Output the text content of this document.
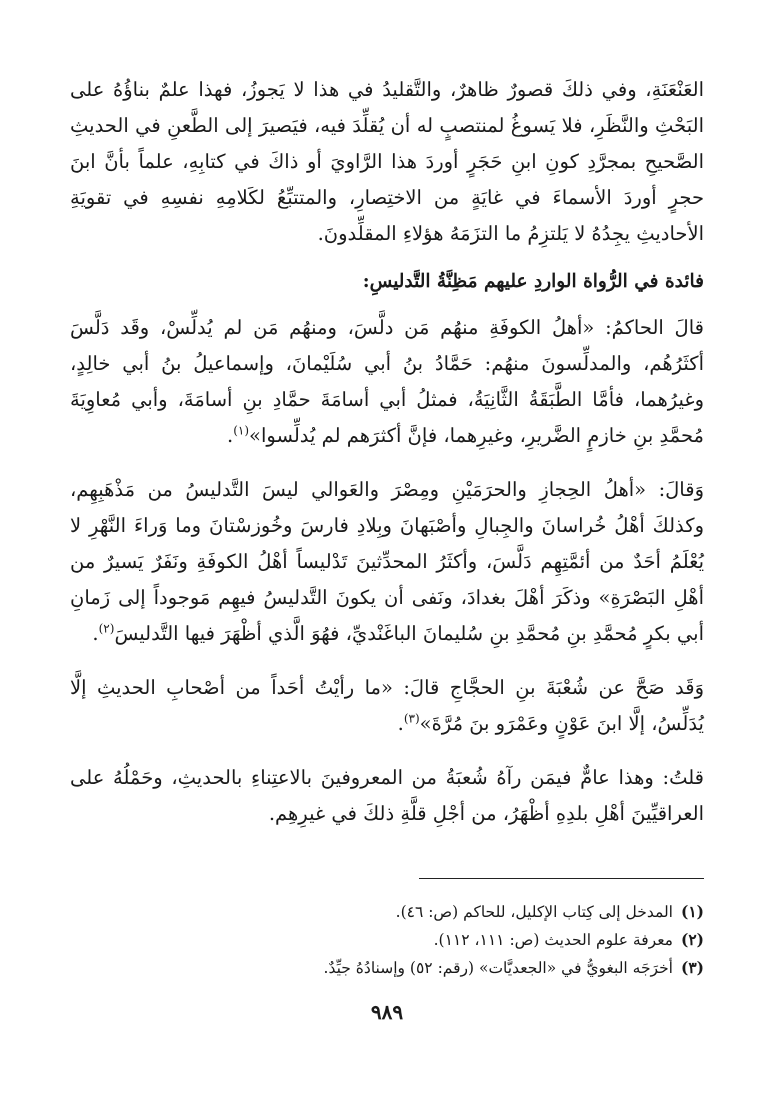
العَنْعَنَةِ، وفي ذلكَ قصورٌ ظاهرٌ، والتَّقليدُ في هذا لا يَجوزُ، فهذا علمٌ بناؤُهُ على البَحْثِ والنَّظَرِ، فلا يَسوغُ لمنتصبٍ له أن يُقلِّدَ فيه، فيَصيرَ إلى الطَّعنِ في الحديثِ الصَّحيحِ بمجرَّدِ كونِ ابنِ حَجَرٍ أوردَ هذا الرَّاويَ أو ذاكَ في كتابِهِ، علماً بأنَّ ابنَ حجرٍ أوردَ الأسماءَ في غايَةٍ من الاختِصارِ، والمتتبِّعُ لكَلامِهِ نفسِهِ في تقويَةِ الأحاديثِ يجِدُهُ لا يَلتزِمُ ما التزَمَهُ هؤلاءِ المقلِّدونَ.

فائدة في الرُّواة الواردِ عليهم مَظِنَّةُ التَّدليسِ:

قالَ الحاكمُ: «أهلُ الكوفَةِ منهُم مَن دلَّسَ، ومنهُم مَن لم يُدلِّسْ، وقَد دَلَّسَ أكثَرُهُم، والمدلِّسونَ منهُم: حَمَّادُ بنُ أبي سُلَيْمانَ، وإسماعيلُ بنُ أبي خالِدٍ، وغيرُهما، فأمَّا الطَّبَقَةُ الثَّانِيَةُ، فمثلُ أبي أسامَةَ حمَّادِ بنِ أسامَةَ، وأبي مُعاوِيَةَ مُحمَّدِ بنِ خازمٍ الضَّريرِ، وغيرِهما، فإنَّ أكثرَهم لم يُدلِّسوا»$^{(١)}$.

وَقالَ: «أهلُ الحِجازِ والحرَمَيْنِ ومِصْرَ والعَوالي ليسَ التَّدليسُ من مَذْهَبِهِم، وكذلكَ أهْلُ خُراسانَ والجِبالِ وأصْبَهانَ وبِلادِ فارسَ وخُوزسْتانَ وما وَراءَ النَّهْرِ لا يُعْلَمُ أحَدٌ من أئمَّتِهِم دَلَّسَ، وأكثَرُ المحدِّثينَ تَدْليساً أهْلُ الكوفَةِ ونَفَرٌ يَسيرٌ من أهْلِ البَصْرَةِ» وذكَرَ أهْلَ بغدادَ، ونَفى أن يكونَ التَّدليسُ فيهِم مَوجوداً إلى زَمانِ أبي بكرٍ مُحمَّدِ بنِ مُحمَّدِ بنِ سُليمانَ الباغَنْديِّ، فهُوَ الَّذي أظْهَرَ فيها التَّدليسَ$^{(٢)}$.

وَقَد صَحَّ عن شُعْبَةَ بنِ الحجَّاجِ قالَ: «ما رأيْتُ أحَداً من أصْحابِ الحديثِ إلَّا يُدَلِّسُ، إلَّا ابنَ عَوْنٍ وعَمْرَو بنَ مُرَّةَ»$^{(٣)}$.

قلتُ: وهذا عامٌّ فيمَن رآهُ شُعبَةُ من المعروفينَ بالاعتِناءِ بالحديثِ، وحَمْلُهُ على العراقيِّينَ أهْلِ بلدِهِ أظْهَرُ، من أجْلِ قلَّةِ ذلكَ في غيرِهِم.

(١)المدخل إلى كِتاب الإكليل، للحاكم (ص: ٤٦).
(٢)معرفة علوم الحديث (ص: ١١١، ١١٢).
(٣)أخرَجَه البغويُّ في «الجعديَّات» (رقم: ٥٢) وإسنادُهُ جيِّدٌ.
٩٨٩
